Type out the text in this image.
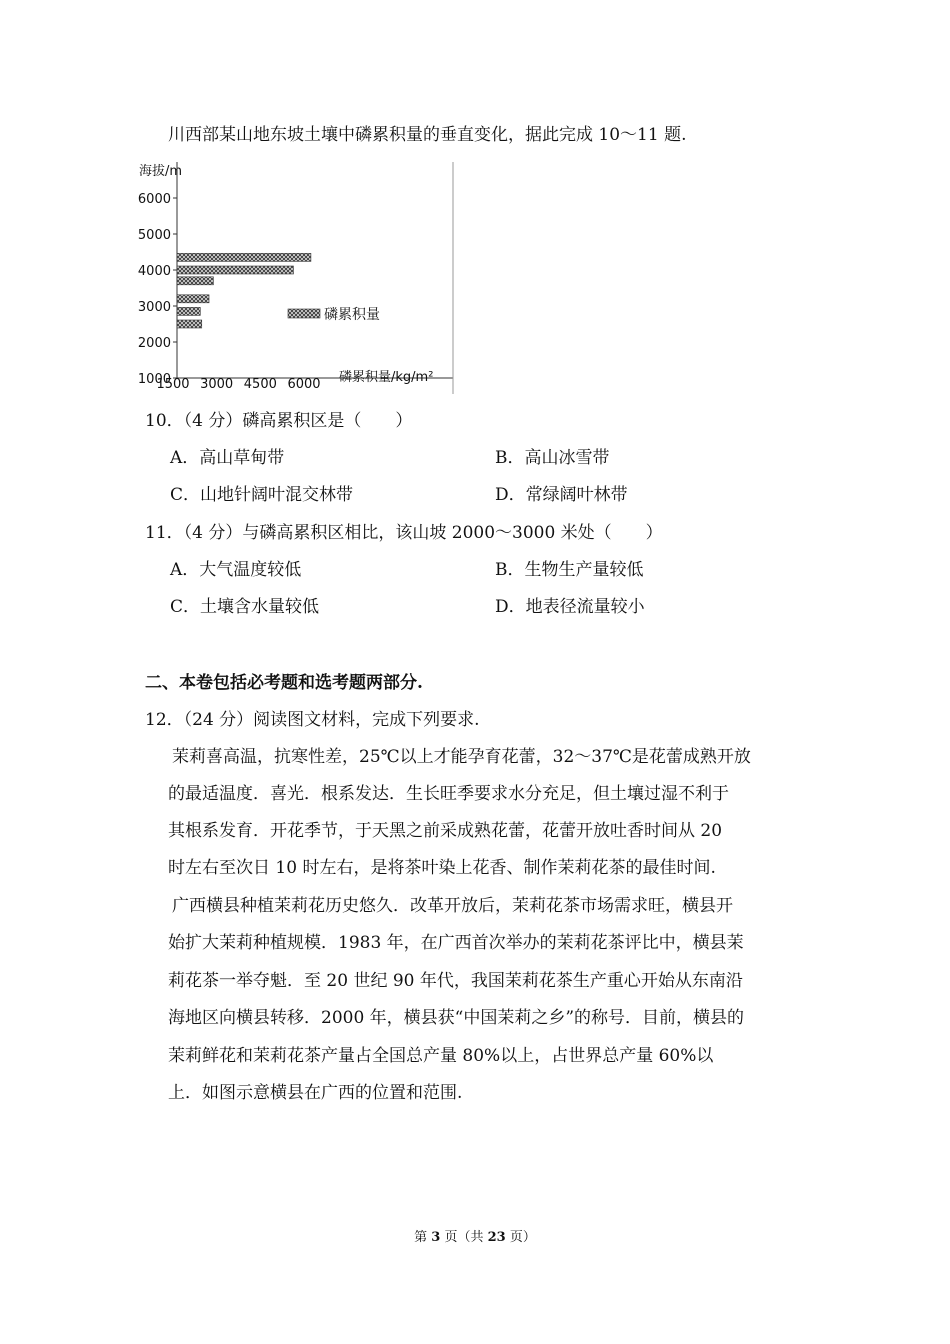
川西部某山地东坡土壤中磷累积量的垂直变化，据此完成 10～11 题.
海拔/m
6000
5000
4000
3000
2000
1000
1500 3000 4500 6000
磷累积量
磷累积量/kg/m²
10．（4 分）磷高累积区是（　　）
A．高山草甸带	B．高山冰雪带
C．山地针阔叶混交林带	D．常绿阔叶林带
11．（4 分）与磷高累积区相比，该山坡 2000～3000 米处（　　）
A．大气温度较低	B．生物生产量较低
C．土壤含水量较低	D．地表径流量较小
二、本卷包括必考题和选考题两部分.
12．（24 分）阅读图文材料，完成下列要求.
茉莉喜高温，抗寒性差，25℃以上才能孕育花蕾，32～37℃是花蕾成熟开放
的最适温度．喜光．根系发达．生长旺季要求水分充足，但土壤过湿不利于
其根系发育．开花季节，于天黑之前采成熟花蕾，花蕾开放吐香时间从 20
时左右至次日 10 时左右，是将茶叶染上花香、制作茉莉花茶的最佳时间.
广西横县种植茉莉花历史悠久．改革开放后，茉莉花茶市场需求旺，横县开
始扩大茉莉种植规模．1983 年，在广西首次举办的茉莉花茶评比中，横县茉
莉花茶一举夺魁．至 20 世纪 90 年代，我国茉莉花茶生产重心开始从东南沿
海地区向横县转移．2000 年，横县获“中国茉莉之乡”的称号．目前，横县的
茉莉鲜花和茉莉花茶产量占全国总产量 80%以上，占世界总产量 60%以
上．如图示意横县在广西的位置和范围.
第 3 页（共 23 页）
